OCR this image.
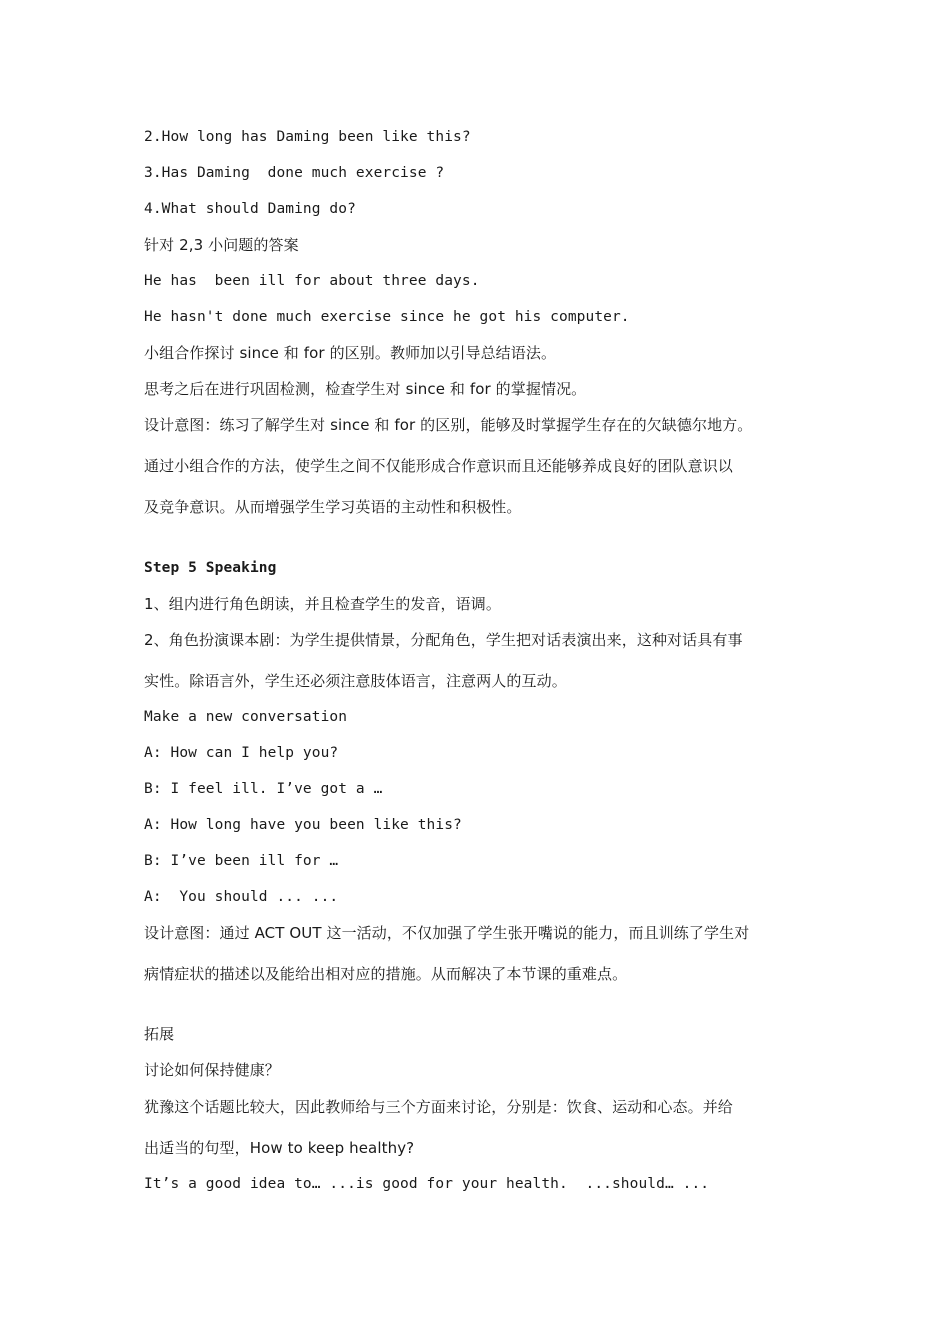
2.How long has Daming been like this?
3.Has Daming  done much exercise ?
4.What should Daming do?
针对 2,3 小问题的答案
He has  been ill for about three days.
He hasn't done much exercise since he got his computer.
小组合作探讨 since 和 for 的区别。教师加以引导总结语法。
思考之后在进行巩固检测，检查学生对 since 和 for 的掌握情况。
设计意图：练习了解学生对 since 和 for 的区别，能够及时掌握学生存在的欠缺德尔地方。
通过小组合作的方法，使学生之间不仅能形成合作意识而且还能够养成良好的团队意识以
及竞争意识。从而增强学生学习英语的主动性和积极性。
Step 5 Speaking
1、组内进行角色朗读，并且检查学生的发音，语调。
2、角色扮演课本剧：为学生提供情景，分配角色，学生把对话表演出来，这种对话具有事
实性。除语言外，学生还必须注意肢体语言，注意两人的互动。
Make a new conversation
A: How can I help you?
B: I feel ill. I’ve got a …
A: How long have you been like this?
B: I’ve been ill for …
A:  You should ... ...
设计意图：通过 ACT OUT 这一活动，不仅加强了学生张开嘴说的能力，而且训练了学生对
病情症状的描述以及能给出相对应的措施。从而解决了本节课的重难点。
拓展
讨论如何保持健康？
犹豫这个话题比较大，因此教师给与三个方面来讨论，分别是：饮食、运动和心态。并给
出适当的句型，How to keep healthy?
It’s a good idea to… ...is good for your health.  ...should… ...
